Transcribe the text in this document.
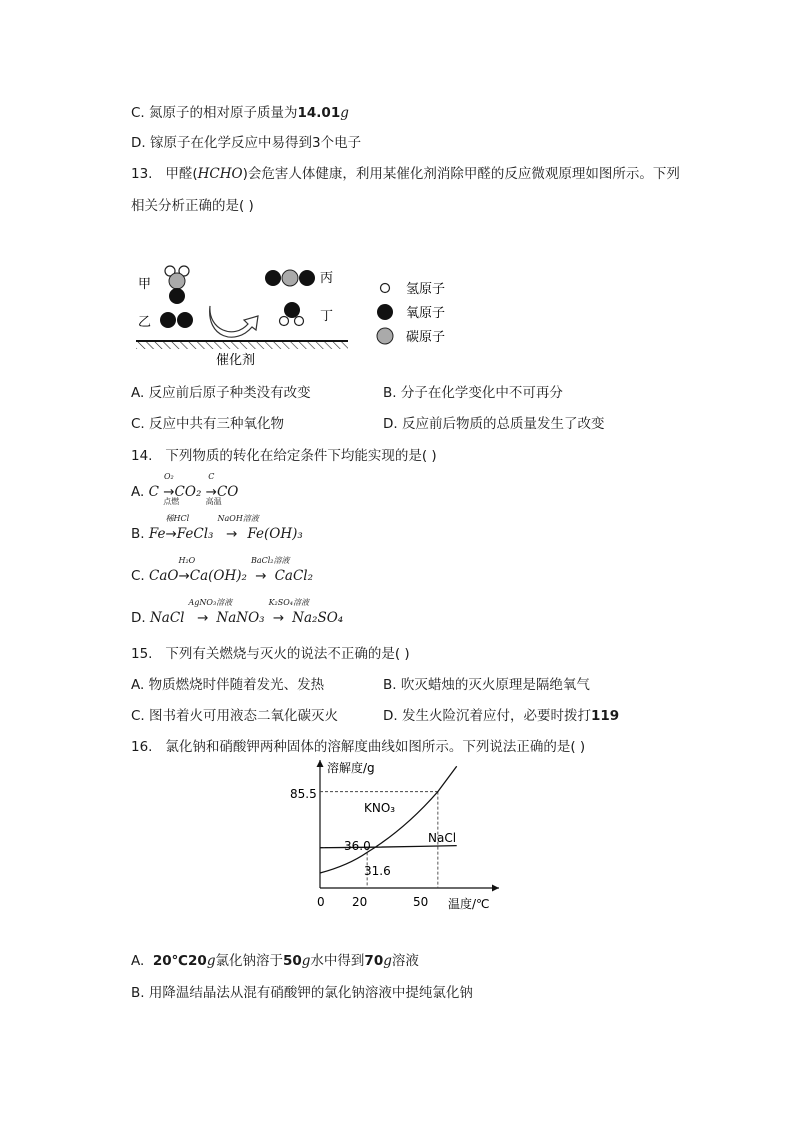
C. 氮原子的相对原子质量为14.01g
D. 镓原子在化学反应中易得到3个电子
13. 甲醛(HCHO)会危害人体健康，利用某催化剂消除甲醛的反应微观原理如图所示。下列
相关分析正确的是( )
甲
乙
丙
丁
催化剂
氢原子
氧原子
碳原子
A. 反应前后原子种类没有改变	B. 分子在化学变化中不可再分
C. 反应中共有三种氧化物	D. 反应前后物质的总质量发生了改变
14. 下列物质的转化在给定条件下均能实现的是( )
A. C
O₂
→
点燃
CO₂
C
→
高温
CO
B. Fe
稀HCl
→FeCl₃
NaOH溶液
→ Fe(OH)₃
C. CaO
H₂O
→Ca(OH)₂
BaCl₂溶液
→ CaCl₂
D. NaCl
AgNO₃溶液
→ NaNO₃
K₂SO₄溶液
→ Na₂SO₄
15. 下列有关燃烧与灭火的说法不正确的是( )
A. 物质燃烧时伴随着发光、发热	B. 吹灭蜡烛的灭火原理是隔绝氧气
C. 图书着火可用液态二氧化碳灭火	D. 发生火险沉着应付，必要时拨打119
16. 氯化钠和硝酸钾两种固体的溶解度曲线如图所示。下列说法正确的是( )
溶解度/g
温度/℃
KNO₃
NaCl
85.5
36.0
31.6
0 20	50
A. 20℃20g氯化钠溶于50g水中得到70g溶液
B. 用降温结晶法从混有硝酸钾的氯化钠溶液中提纯氯化钠
